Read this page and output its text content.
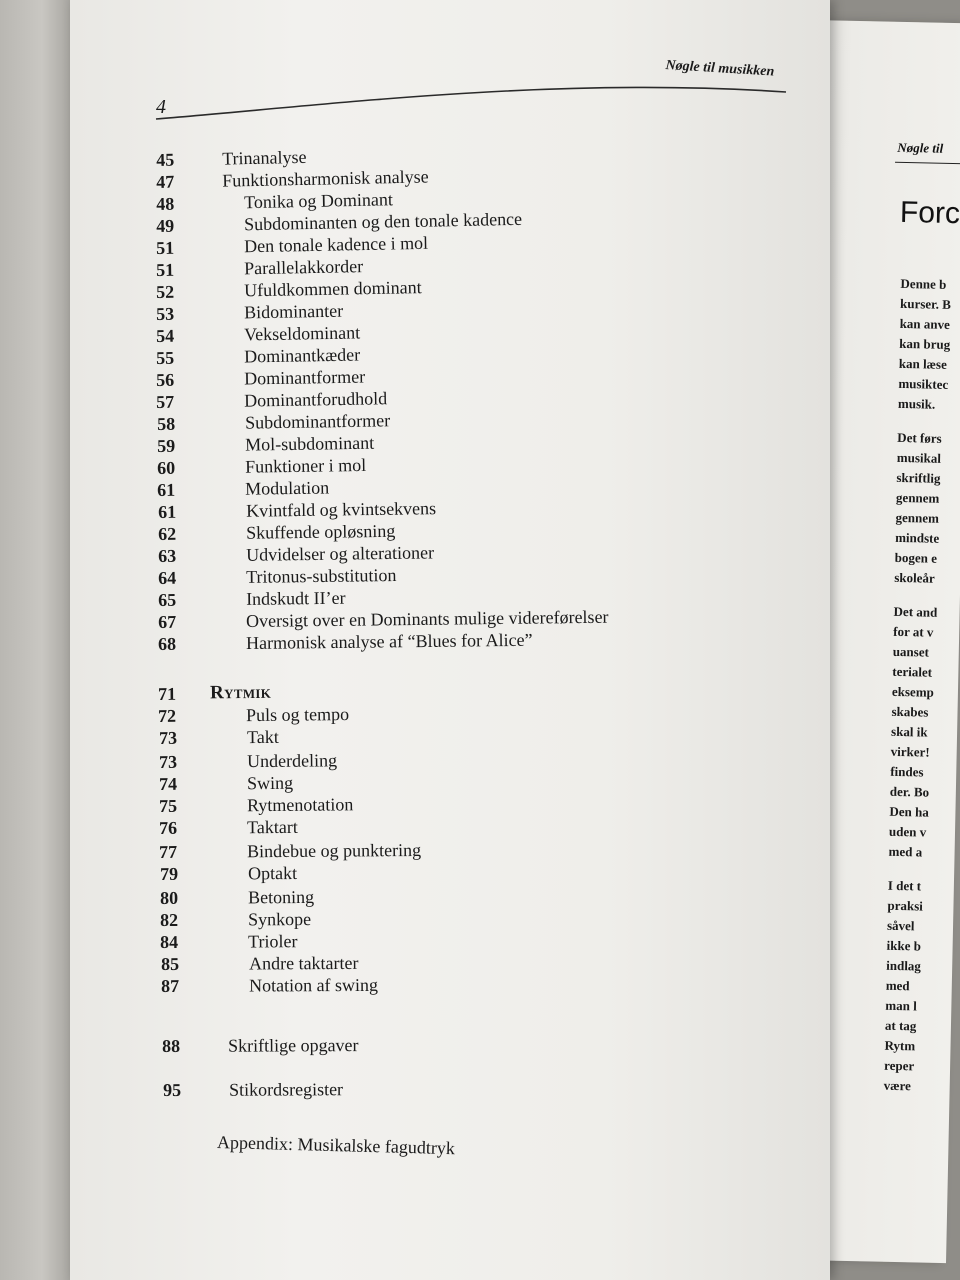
Nøgle til
Forc
Denne b
kurser. B
kan anve
kan brug
kan læse
musiktec
musik.
Det førs
musikal
skriftlig
gennem
gennem
mindste
bogen e
skoleår
Det and
for at v
uanset
terialet
eksemp
skabes
skal ik
virker!
findes
der. Bo
Den ha
uden v
med a
I det t
praksi
såvel
ikke b
indlag
med
man l
at tag
Rytm
reper
være
Nøgle til musikken
4
45	Trinanalyse
47	Funktionsharmonisk analyse
48	Tonika og Dominant
49	Subdominanten og den tonale kadence
51	Den tonale kadence i mol
51	Parallelakkorder
52	Ufuldkommen dominant
53	Bidominanter
54	Vekseldominant
55	Dominantkæder
56	Dominantformer
57	Dominantforudhold
58	Subdominantformer
59	Mol-subdominant
60	Funktioner i mol
61	Modulation
61	Kvintfald og kvintsekvens
62	Skuffende opløsning
63	Udvidelser og alterationer
64	Tritonus-substitution
65	Indskudt II’er
67	Oversigt over en Dominants mulige videreførelser
68	Harmonisk analyse af “Blues for Alice”
71 Rytmik
72	Puls og tempo
73	Takt
73	Underdeling
74	Swing
75	Rytmenotation
76	Taktart
77	Bindebue og punktering
79	Optakt
80	Betoning
82	Synkope
84	Trioler
85	Andre taktarter
87	Notation af swing
88	Skriftlige opgaver
95	Stikordsregister
Appendix: Musikalske fagudtryk
